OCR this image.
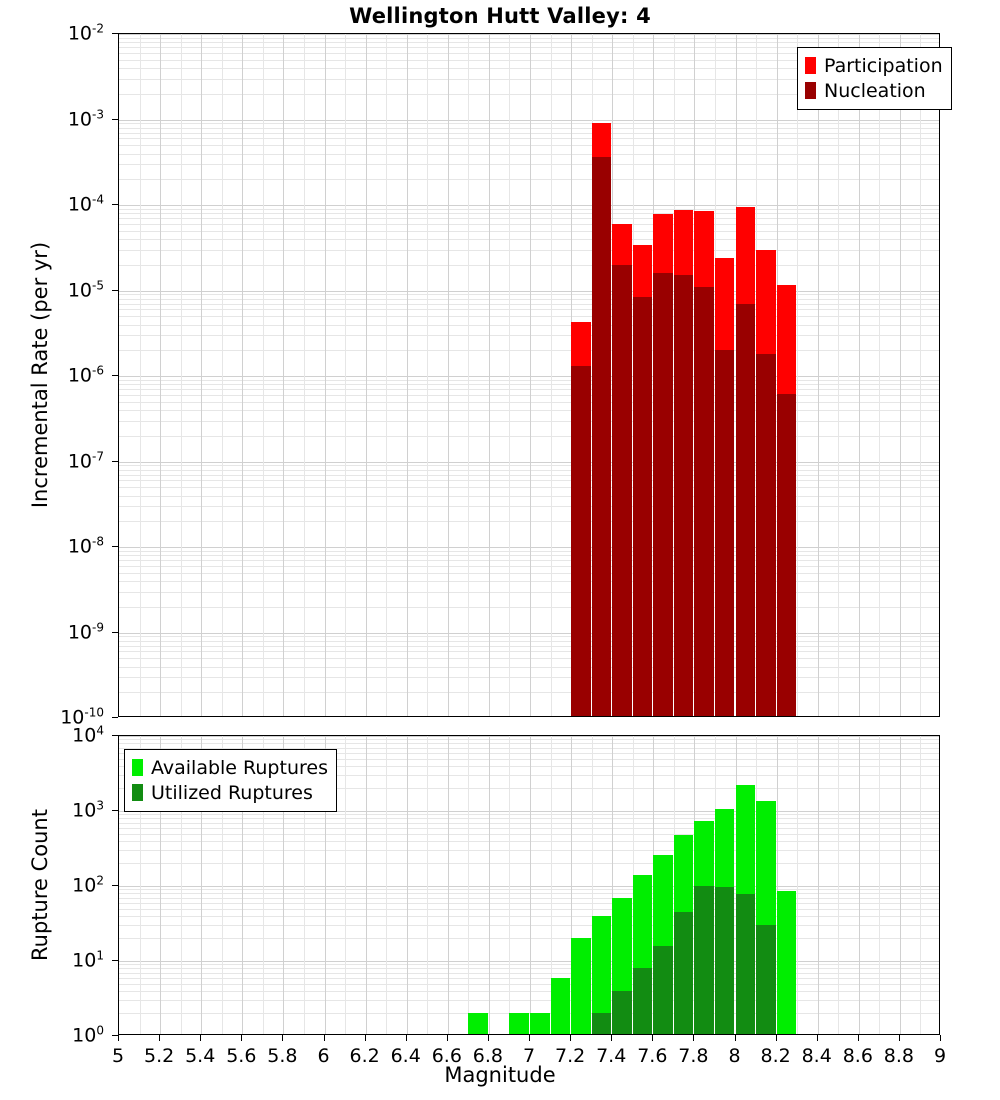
Wellington Hutt Valley: 4
$10^{-10}$
$10^{-9}$
$10^{-8}$
$10^{-7}$
$10^{-6}$
$10^{-5}$
$10^{-4}$
$10^{-3}$
$10^{-2}$
Participation
Nucleation
Incremental Rate (per yr)
$10^0$
$10^1$
$10^2$
$10^3$
$10^4$
5 5.2 5.4 5.6 5.8 6 6.2 6.4 6.6 6.8 7 7.2 7.4 7.6 7.8 8 8.2 8.4 8.6 8.8 9
Available Ruptures
Utilized Ruptures
Rupture Count
Magnitude
